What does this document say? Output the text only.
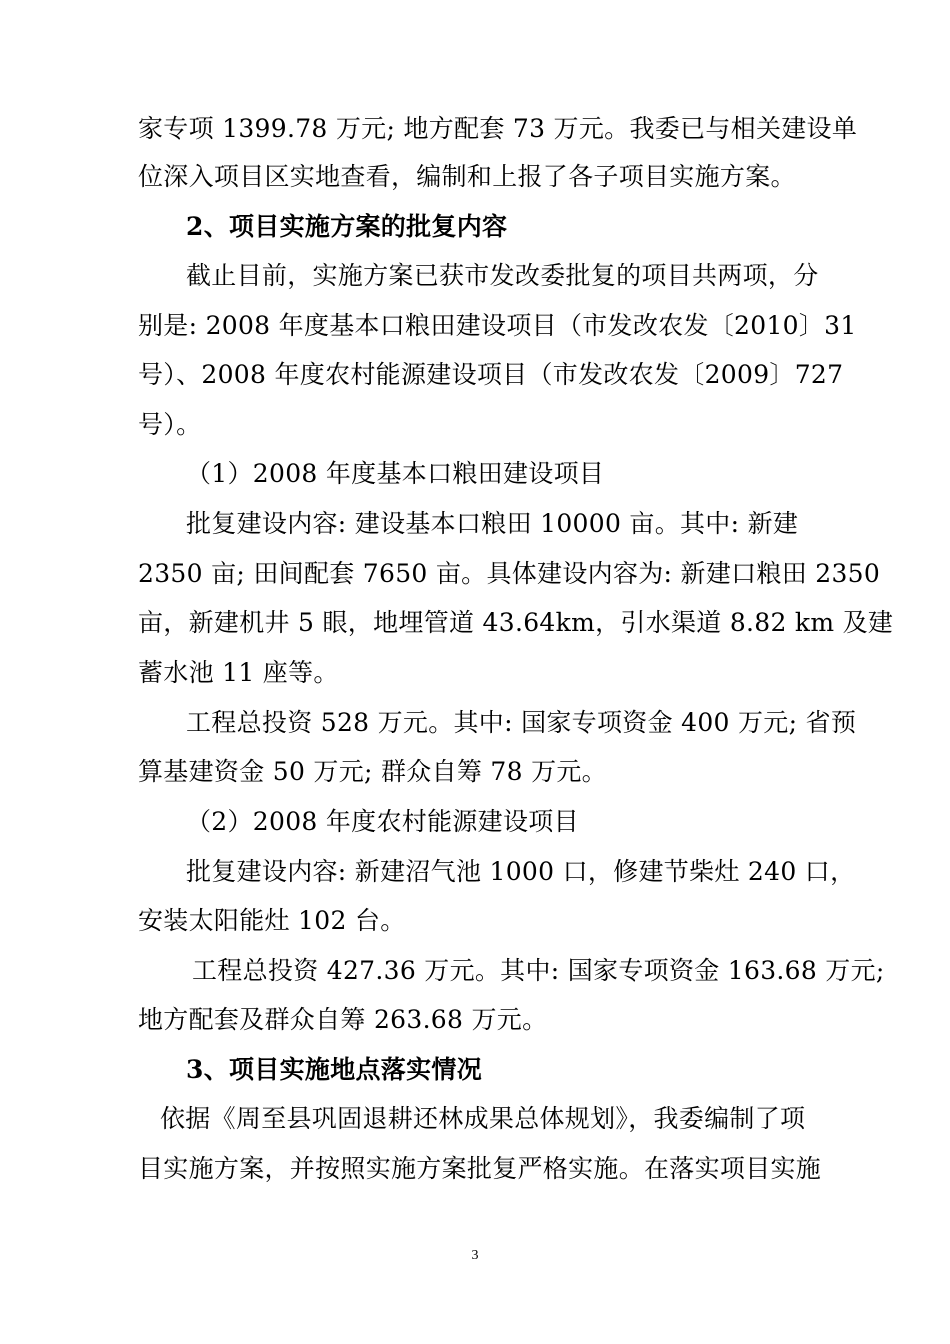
家专项 1399.78 万元; 地方配套 73 万元。我委已与相关建设单
位深入项目区实地查看，编制和上报了各子项目实施方案。
2、项目实施方案的批复内容
截止目前，实施方案已获市发改委批复的项目共两项，分
别是: 2008 年度基本口粮田建设项目（市发改农发〔2010〕31
号）、2008 年度农村能源建设项目（市发改农发〔2009〕727
号）。
（1）2008 年度基本口粮田建设项目
批复建设内容: 建设基本口粮田 10000 亩。其中: 新建
2350 亩; 田间配套 7650 亩。具体建设内容为: 新建口粮田 2350
亩，新建机井 5 眼，地埋管道 43.64km，引水渠道 8.82 km 及建
蓄水池 11 座等。
工程总投资 528 万元。其中: 国家专项资金 400 万元; 省预
算基建资金 50 万元; 群众自筹 78 万元。
（2）2008 年度农村能源建设项目
批复建设内容: 新建沼气池 1000 口，修建节柴灶 240 口，
安装太阳能灶 102 台。
工程总投资 427.36 万元。其中: 国家专项资金 163.68 万元;
地方配套及群众自筹 263.68 万元。
3、项目实施地点落实情况
依据《周至县巩固退耕还林成果总体规划》，我委编制了项
目实施方案，并按照实施方案批复严格实施。在落实项目实施
3
